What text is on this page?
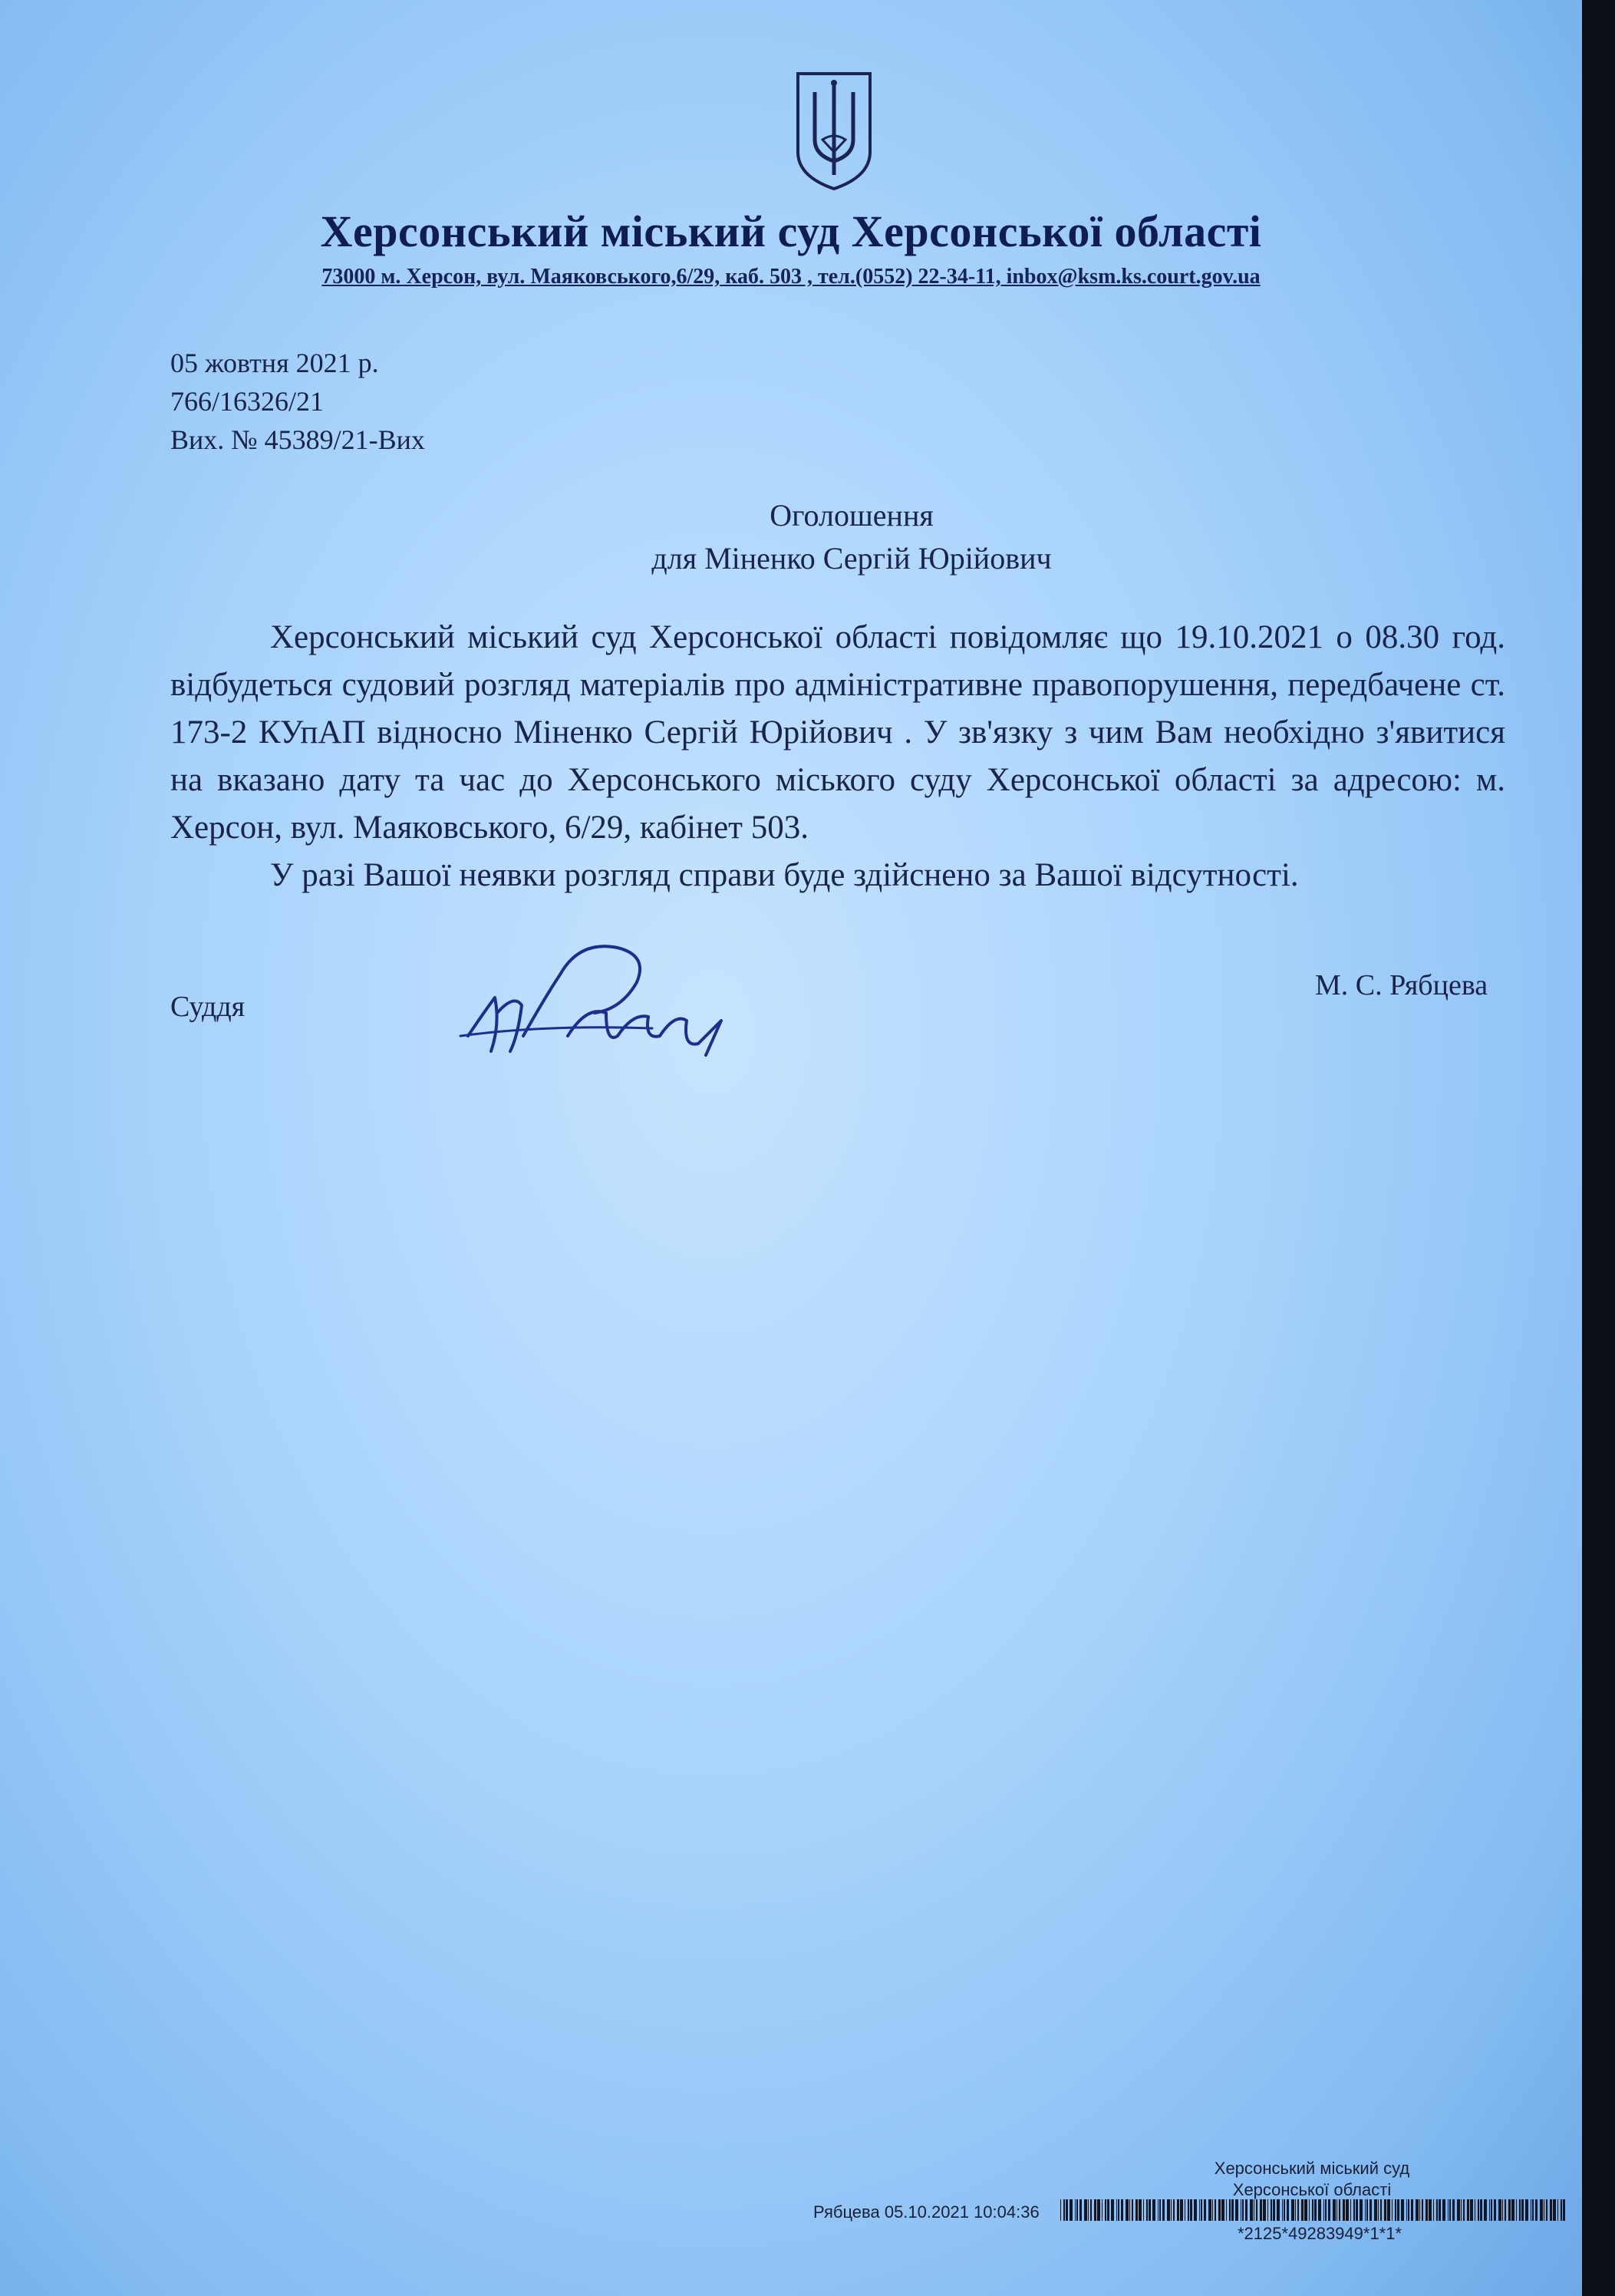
Херсонський міський суд Херсонської області
73000 м. Херсон, вул. Маяковського,6/29, каб. 503 , тел.(0552) 22-34-11, inbox@ksm.ks.court.gov.ua
05 жовтня 2021 р.
766/16326/21
Вих. № 45389/21-Вих
Оголошення
для Міненко Сергій Юрійович

Херсонський міський суд Херсонської області повідомляє що 19.10.2021 о 08.30 год. відбудеться судовий розгляд матеріалів про адміністративне правопорушення, передбачене ст. 173-2 КУпАП відносно Міненко Сергій Юрійович . У зв'язку з чим Вам необхідно з'явитися на вказано дату та час до Херсонського міського суду Херсонської області за адресою: м. Херсон, вул. Маяковського, 6/29, кабінет 503.

У разі Вашої неявки розгляд справи буде здійснено за Вашої відсутності.

Суддя
М. С. Рябцева
Херсонський міський суд
Херсонської області
Рябцева 05.10.2021 10:04:36
*2125*49283949*1*1*
